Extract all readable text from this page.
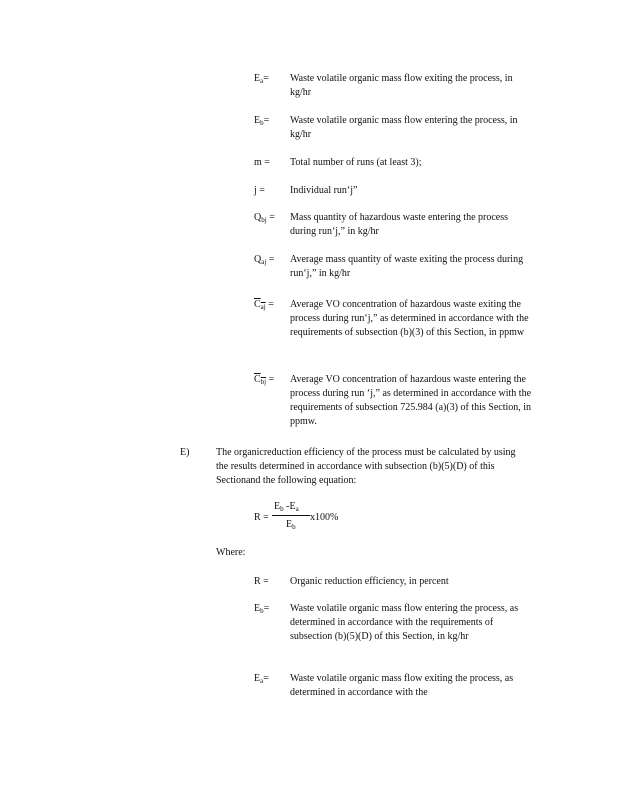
$E_a=$	Waste volatile organic mass flow exiting the process, in kg/hr
$E_b=$	Waste volatile organic mass flow entering the process, in kg/hr
m =	Total number of runs (at least 3);
j =	Individual run‘j”
$Q_{bj}$ =	Mass quantity of hazardous waste entering the process during run‘j,” in kg/hr
$Q_{aj}$ =	Average mass quantity of waste exiting the process during run‘j,” in kg/hr
$C_{aj}$ =	Average VO concentration of hazardous waste exiting the process during run‘j,” as determined in accordance with the requirements of subsection (b)(3) of this Section, in ppmw
$C_{bj}$ =	Average VO concentration of hazardous waste entering the process during run ‘j,” as determined in accordance with the requirements of subsection 725.984 (a)(3) of this Section, in ppmw.
E)	The organicreduction efficiency of the process must be calculated by using the results determined in accordance with subsection (b)(5)(D) of this Sectionand the following equation:
R =
$E_b$ $-E_a$
$E_b$
x100%
Where:
R =	Organic reduction efficiency, in percent
$E_b=$	Waste volatile organic mass flow entering the process, as determined in accordance with the requirements of subsection (b)(5)(D) of this Section, in kg/hr
$E_a=$	Waste volatile organic mass flow exiting the process, as determined in accordance with the
